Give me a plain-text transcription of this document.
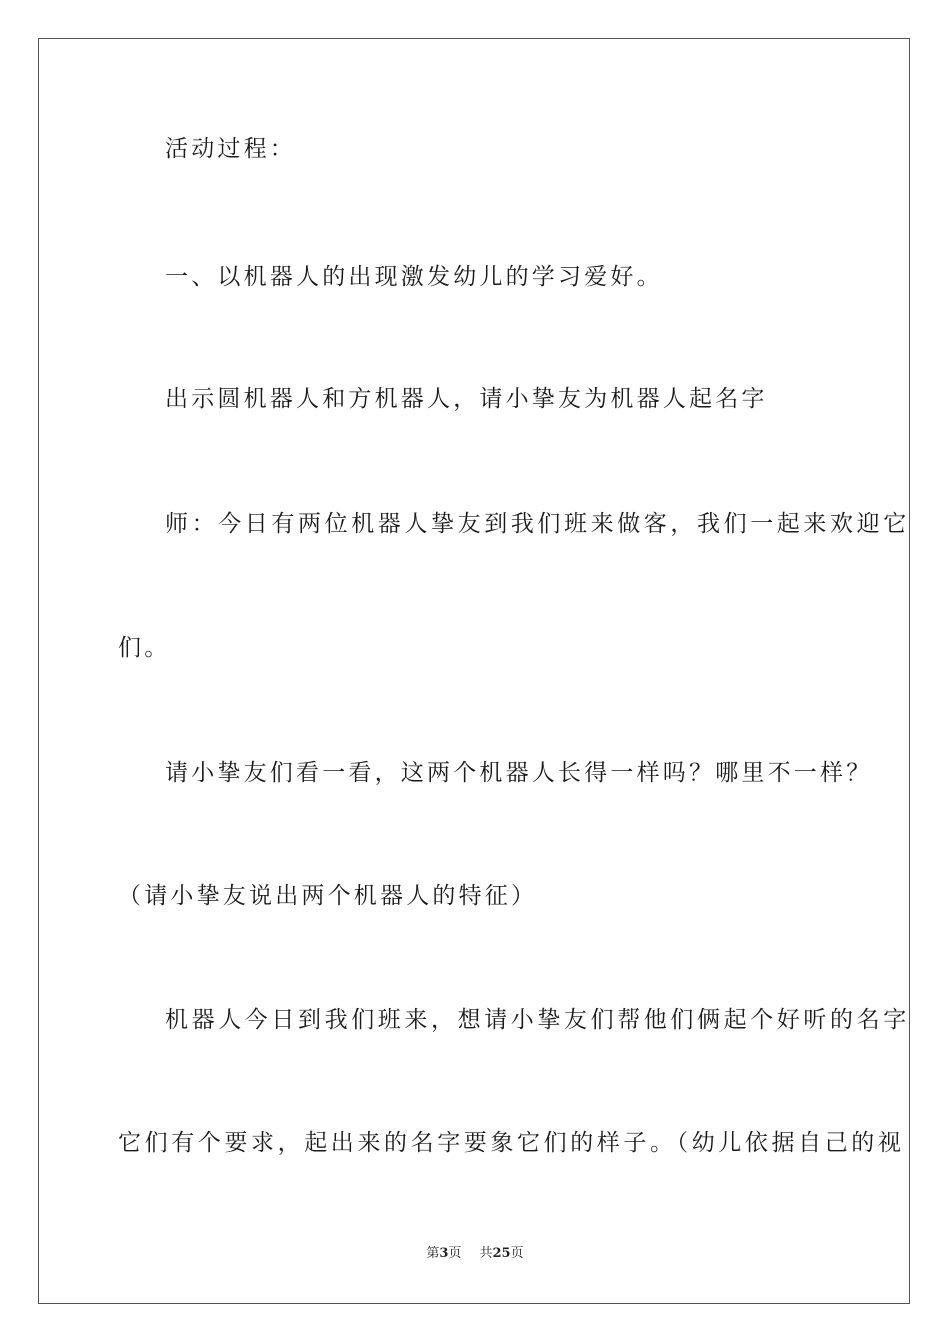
活动过程：
一、以机器人的出现激发幼儿的学习爱好。
出示圆机器人和方机器人，请小挚友为机器人起名字
师：今日有两位机器人挚友到我们班来做客，我们一起来欢迎它
们。
请小挚友们看一看，这两个机器人长得一样吗？哪里不一样？
（请小挚友说出两个机器人的特征）
机器人今日到我们班来，想请小挚友们帮他们俩起个好听的名字
它们有个要求，起出来的名字要象它们的样子。（幼儿依据自己的视
第3页 共25页
